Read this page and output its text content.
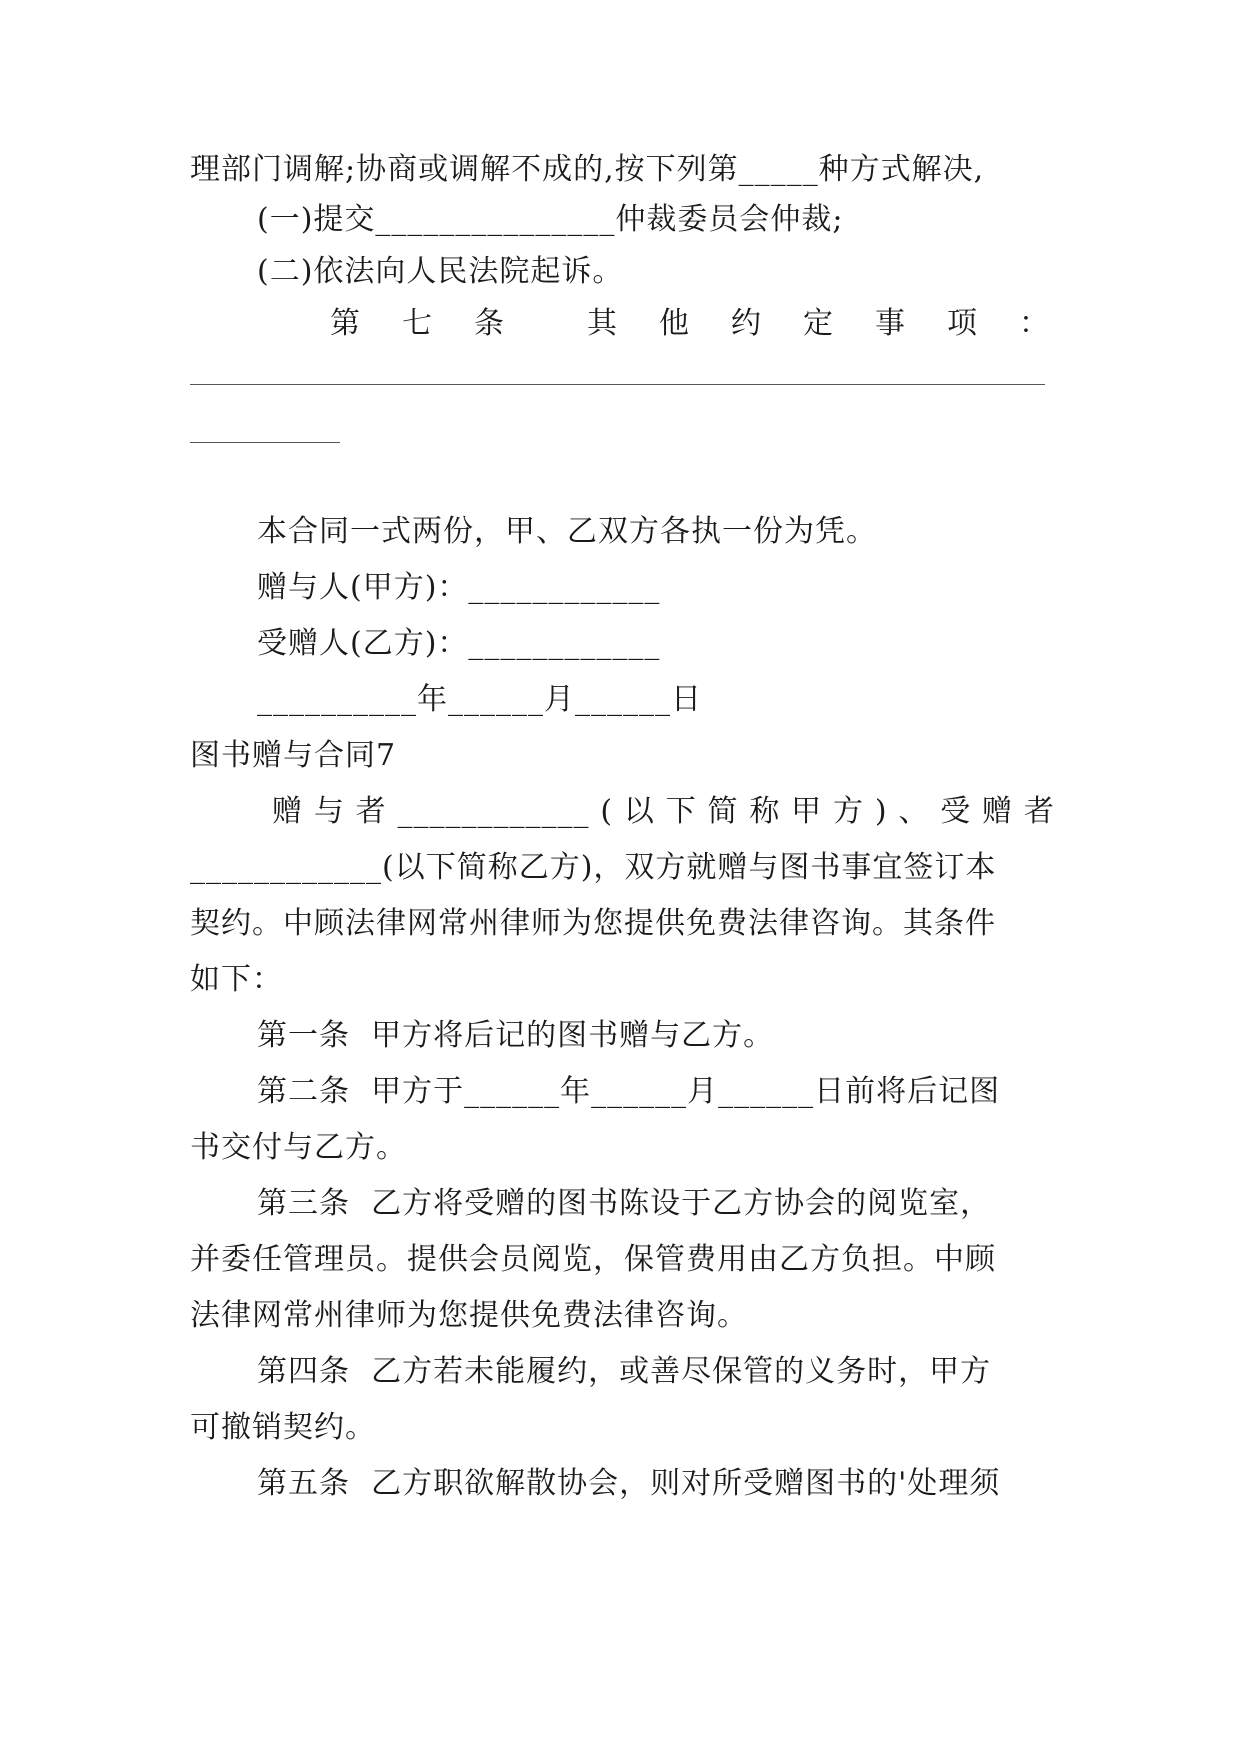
理部门调解;协商或调解不成的,按下列第_____种方式解决,
(一)提交_______________仲裁委员会仲裁;
(二)依法向人民法院起诉。
第 七 条	其 他 约 定 事 项 ：
本合同一式两份，甲、乙双方各执一份为凭。
赠与人(甲方)：____________
受赠人(乙方)：____________
__________年______月______日
图书赠与合同7
赠 与 者 ____________ ( 以 下 简 称 甲 方 ) 、 受 赠 者
____________(以下简称乙方)，双方就赠与图书事宜签订本
契约。中顾法律网常州律师为您提供免费法律咨询。其条件
如下：
第一条  甲方将后记的图书赠与乙方。
第二条  甲方于______年______月______日前将后记图
书交付与乙方。
第三条  乙方将受赠的图书陈设于乙方协会的阅览室，
并委任管理员。提供会员阅览，保管费用由乙方负担。中顾
法律网常州律师为您提供免费法律咨询。
第四条  乙方若未能履约，或善尽保管的义务时，甲方
可撤销契约。
第五条  乙方职欲解散协会，则对所受赠图书的'处理须
